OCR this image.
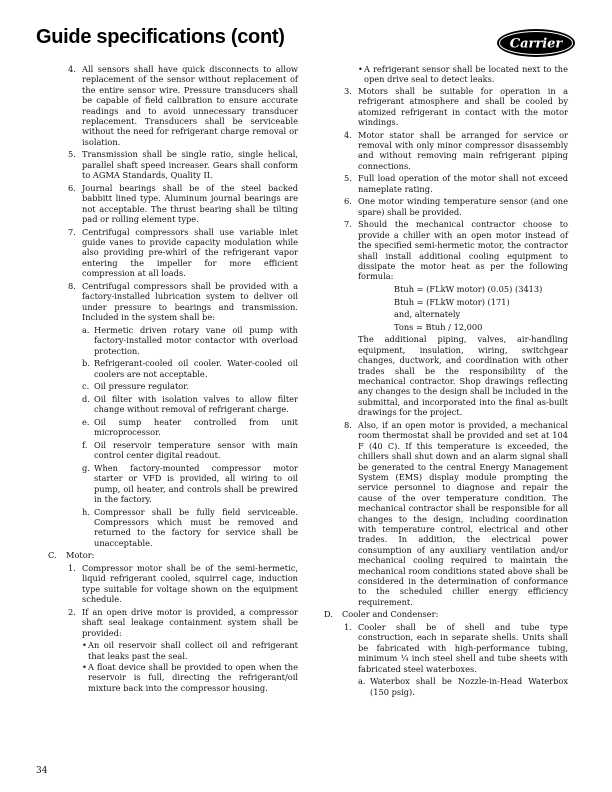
Guide specifications (cont)	Carrier
4. All sensors shall have quick disconnects to allow replacement of the sensor without replacement of the entire sensor wire. Pressure transducers shall be capable of field calibration to ensure accurate readings and to avoid unnecessary transducer replacement. Transducers shall be serviceable without the need for refrigerant charge removal or isolation.
5. Transmission shall be single ratio, single helical, parallel shaft speed increaser. Gears shall conform to AGMA Standards, Quality II.
6. Journal bearings shall be of the steel backed babbitt lined type. Aluminum journal bearings are not acceptable. The thrust bearing shall be tilting pad or rolling element type.
7. Centrifugal compressors shall use variable inlet guide vanes to provide capacity modulation while also providing pre-whirl of the refrigerant vapor entering the impeller for more efficient compression at all loads.
8. Centrifugal compressors shall be provided with a factory-installed lubrication system to deliver oil under pressure to bearings and transmission. Included in the system shall be:
a. Hermetic driven rotary vane oil pump with factory-installed motor contactor with overload protection.
b. Refrigerant-cooled oil cooler. Water-cooled oil coolers are not acceptable.
c. Oil pressure regulator.
d. Oil filter with isolation valves to allow filter change without removal of refrigerant charge.
e. Oil sump heater controlled from unit microprocessor.
f. Oil reservoir temperature sensor with main control center digital readout.
g. When factory-mounted compressor motor starter or VFD is provided, all wiring to oil pump, oil heater, and controls shall be prewired in the factory.
h. Compressor shall be fully field serviceable. Compressors which must be removed and returned to the factory for service shall be unacceptable.
C. Motor:
1. Compressor motor shall be of the semi-hermetic, liquid refrigerant cooled, squirrel cage, induction type suitable for voltage shown on the equipment schedule.
2. If an open drive motor is provided, a compressor shaft seal leakage containment system shall be provided:
• An oil reservoir shall collect oil and refrigerant that leaks past the seal.
• A float device shall be provided to open when the reservoir is full, directing the refrigerant/oil mixture back into the compressor housing.
• A refrigerant sensor shall be located next to the open drive seal to detect leaks.
3. Motors shall be suitable for operation in a refrigerant atmosphere and shall be cooled by atomized refrigerant in contact with the motor windings.
4. Motor stator shall be arranged for service or removal with only minor compressor disassembly and without removing main refrigerant piping connections.
5. Full load operation of the motor shall not exceed nameplate rating.
6. One motor winding temperature sensor (and one spare) shall be provided.
7. Should the mechanical contractor choose to provide a chiller with an open motor instead of the specified semi-hermetic motor, the contractor shall install additional cooling equipment to dissipate the motor heat as per the following formula:
Btuh = (FLkW motor) (0.05) (3413)
Btuh = (FLkW motor) (171)
and, alternately
Tons = Btuh / 12,000
The additional piping, valves, air-handling equipment, insulation, wiring, switchgear changes, ductwork, and coordination with other trades shall be the responsibility of the mechanical contractor. Shop drawings reflecting any changes to the design shall be included in the submittal, and incorporated into the final as-built drawings for the project.
8. Also, if an open motor is provided, a mechanical room thermostat shall be provided and set at 104 F (40 C). If this temperature is exceeded, the chillers shall shut down and an alarm signal shall be generated to the central Energy Management System (EMS) display module prompting the service personnel to diagnose and repair the cause of the over temperature condition. The mechanical contractor shall be responsible for all changes to the design, including coordination with temperature control, electrical and other trades. In addition, the electrical power consumption of any auxiliary ventilation and/or mechanical cooling required to maintain the mechanical room conditions stated above shall be considered in the determination of conformance to the scheduled chiller energy efficiency requirement.
D. Cooler and Condenser:
1. Cooler shall be of shell and tube type construction, each in separate shells. Units shall be fabricated with high-performance tubing, minimum ¼ inch steel shell and tube sheets with fabricated steel waterboxes.
a. Waterbox shall be Nozzle-in-Head Waterbox (150 psig).
34
